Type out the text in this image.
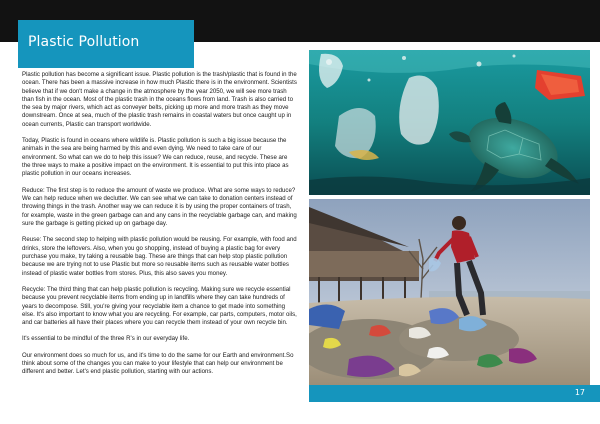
Plastic Pollution

Plastic pollution has become a significant issue. Plastic pollution is the trash/plastic that is found in the ocean. There has been a massive increase in how much Plastic there is in the environment. Scientists believe that if we don't make a change in the atmosphere by the year 2050, we will see more trash than fish in the ocean. Most of the plastic trash in the oceans flows from land. Trash is also carried to the sea by major rivers, which act as conveyer belts, picking up more and more trash as they move downstream. Once at sea, much of the plastic trash remains in coastal waters but once caught up in ocean currents, Plastic can transport worldwide.

Today, Plastic is found in oceans where wildlife is. Plastic pollution is such a big issue because the animals in the sea are being harmed by this and even dying. We need to take care of our environment. So what can we do to help this issue? We can reduce, reuse, and recycle. These are the three ways to make a positive impact on the environment. It is essential to put this into place as plastic pollution in our oceans increases.

Reduce: The first step is to reduce the amount of waste we produce. What are some ways to reduce? We can help reduce when we declutter. We can see what we can take to donation centers instead of throwing things in the trash. Another way we can reduce it is by using the proper containers of trash, for example, waste in the green garbage can and any cans in the recyclable garbage can, and making sure the garbage is getting picked up on garbage day.

Reuse: The second step to helping with plastic pollution would be reusing. For example, with food and drinks, store the leftovers. Also, when you go shopping, instead of buying a plastic bag for every purchase you make, try taking a reusable bag. These are things that can help stop plastic pollution because we are trying not to use Plastic but more so reusable items such as reusable water bottles instead of plastic water bottles from stores. Plus, this also saves you money.

Recycle: The third thing that can help plastic pollution is recycling. Making sure we recycle essential because you prevent recyclable items from ending up in landfills where they can take hundreds of years to decompose. Still, you're giving your recyclable item a chance to get made into something else. It's also important to know what you are recycling. For example, car parts, computers, motor oils, and car batteries all have their places where you can recycle them instead of your own recycle bin.

It's essential to be mindful of the three R's in our everyday life.

Our environment does so much for us, and it's time to do the same for our Earth and environment.So think about some of the changes you can make to your lifestyle that can help our environment be different and better. Let's end plastic pollution, starting with our actions.

17
